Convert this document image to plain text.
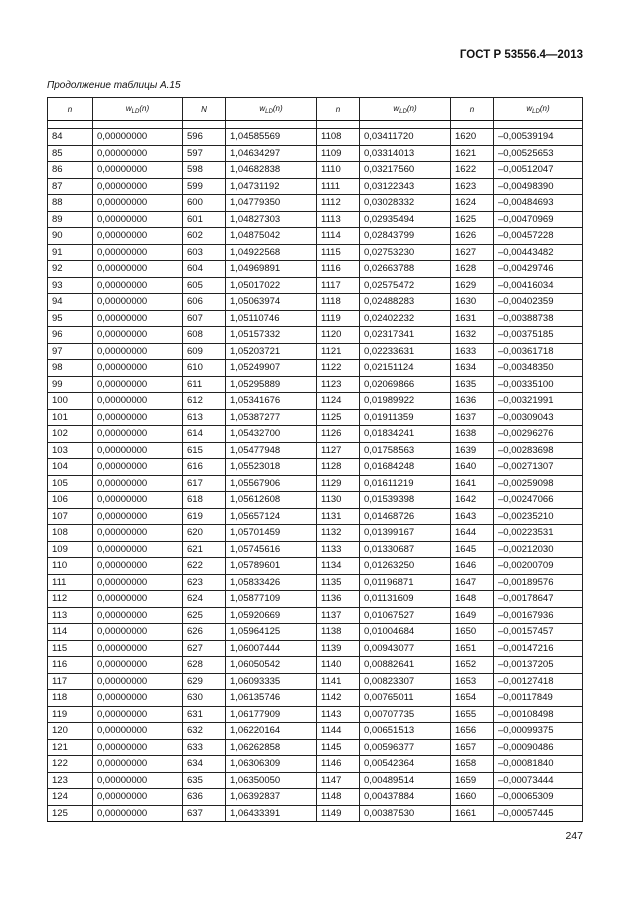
ГОСТ Р 53556.4—2013
Продолжение таблицы А.15
n	$w_{LD}(n)$	N	$w_{LD}(n)$	n	$w_{LD}(n)$	n	$w_{LD}(n)$

84	0,00000000	596	1,04585569	1108	0,03411720	1620	–0,00539194
85	0,00000000	597	1,04634297	1109	0,03314013	1621	–0,00525653
86	0,00000000	598	1,04682838	1110	0,03217560	1622	–0,00512047
87	0,00000000	599	1,04731192	1111	0,03122343	1623	–0,00498390
88	0,00000000	600	1,04779350	1112	0,03028332	1624	–0,00484693
89	0,00000000	601	1,04827303	1113	0,02935494	1625	–0,00470969
90	0,00000000	602	1,04875042	1114	0,02843799	1626	–0,00457228
91	0,00000000	603	1,04922568	1115	0,02753230	1627	–0,00443482
92	0,00000000	604	1,04969891	1116	0,02663788	1628	–0,00429746
93	0,00000000	605	1,05017022	1117	0,02575472	1629	–0,00416034
94	0,00000000	606	1,05063974	1118	0,02488283	1630	–0,00402359
95	0,00000000	607	1,05110746	1119	0,02402232	1631	–0,00388738
96	0,00000000	608	1,05157332	1120	0,02317341	1632	–0,00375185
97	0,00000000	609	1,05203721	1121	0,02233631	1633	–0,00361718
98	0,00000000	610	1,05249907	1122	0,02151124	1634	–0,00348350
99	0,00000000	611	1,05295889	1123	0,02069866	1635	–0,00335100
100	0,00000000	612	1,05341676	1124	0,01989922	1636	–0,00321991
101	0,00000000	613	1,05387277	1125	0,01911359	1637	–0,00309043
102	0,00000000	614	1,05432700	1126	0,01834241	1638	–0,00296276
103	0,00000000	615	1,05477948	1127	0,01758563	1639	–0,00283698
104	0,00000000	616	1,05523018	1128	0,01684248	1640	–0,00271307
105	0,00000000	617	1,05567906	1129	0,01611219	1641	–0,00259098
106	0,00000000	618	1,05612608	1130	0,01539398	1642	–0,00247066
107	0,00000000	619	1,05657124	1131	0,01468726	1643	–0,00235210
108	0,00000000	620	1,05701459	1132	0,01399167	1644	–0,00223531
109	0,00000000	621	1,05745616	1133	0,01330687	1645	–0,00212030
110	0,00000000	622	1,05789601	1134	0,01263250	1646	–0,00200709
111	0,00000000	623	1,05833426	1135	0,01196871	1647	–0,00189576
112	0,00000000	624	1,05877109	1136	0,01131609	1648	–0,00178647
113	0,00000000	625	1,05920669	1137	0,01067527	1649	–0,00167936
114	0,00000000	626	1,05964125	1138	0,01004684	1650	–0,00157457
115	0,00000000	627	1,06007444	1139	0,00943077	1651	–0,00147216
116	0,00000000	628	1,06050542	1140	0,00882641	1652	–0,00137205
117	0,00000000	629	1,06093335	1141	0,00823307	1653	–0,00127418
118	0,00000000	630	1,06135746	1142	0,00765011	1654	–0,00117849
119	0,00000000	631	1,06177909	1143	0,00707735	1655	–0,00108498
120	0,00000000	632	1,06220164	1144	0,00651513	1656	–0,00099375
121	0,00000000	633	1,06262858	1145	0,00596377	1657	–0,00090486
122	0,00000000	634	1,06306309	1146	0,00542364	1658	–0,00081840
123	0,00000000	635	1,06350050	1147	0,00489514	1659	–0,00073444
124	0,00000000	636	1,06392837	1148	0,00437884	1660	–0,00065309
125	0,00000000	637	1,06433391	1149	0,00387530	1661	–0,00057445
247
